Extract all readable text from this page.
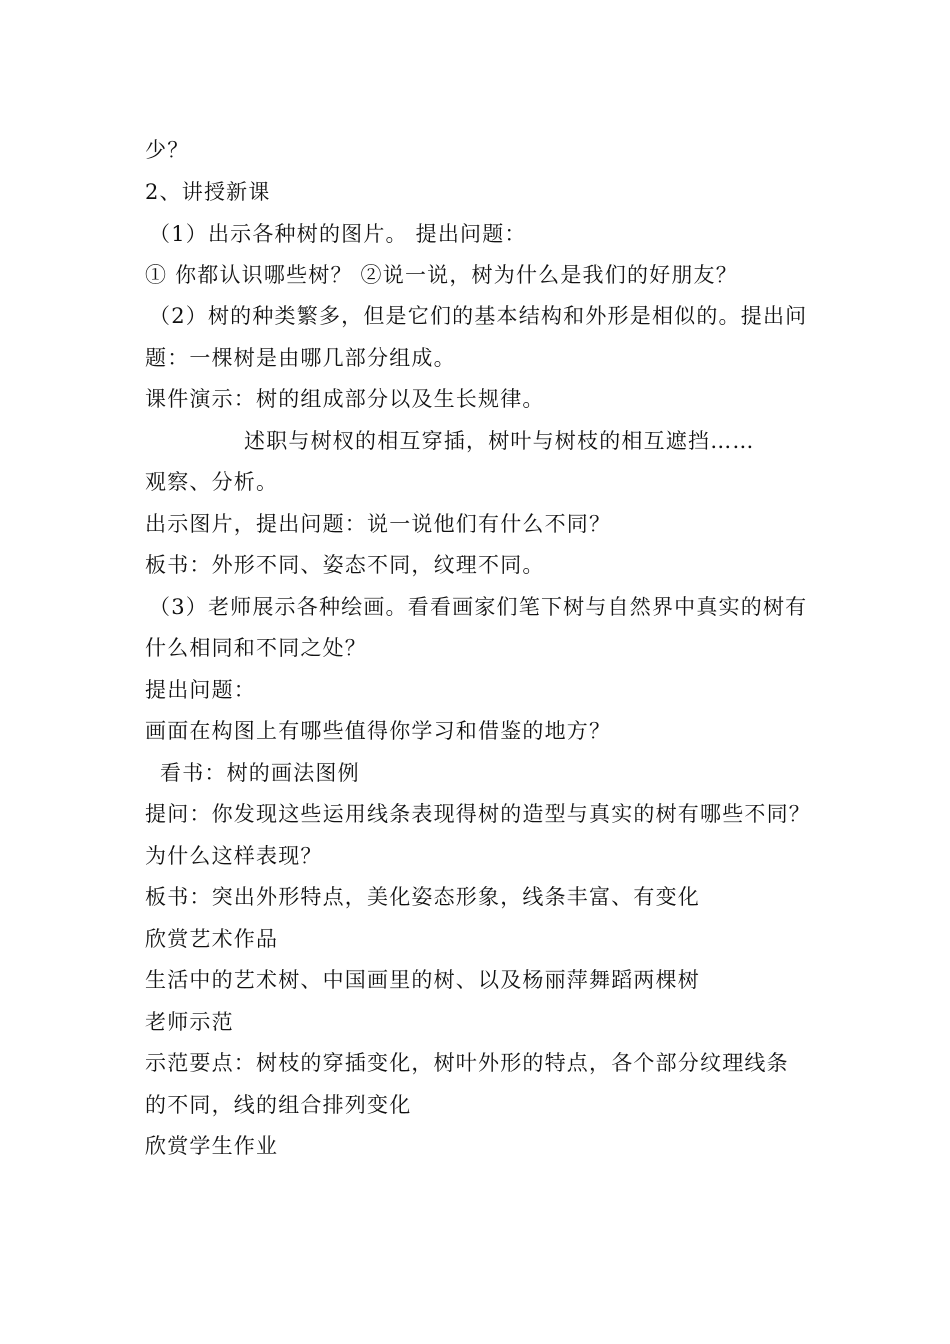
少？
2、讲授新课
（1）出示各种树的图片。 提出问题：
① 你都认识哪些树？ ②说一说，树为什么是我们的好朋友？
（2）树的种类繁多，但是它们的基本结构和外形是相似的。提出问
题：一棵树是由哪几部分组成。
课件演示：树的组成部分以及生长规律。
述职与树杈的相互穿插，树叶与树枝的相互遮挡……
观察、分析。
出示图片，提出问题：说一说他们有什么不同？
板书：外形不同、姿态不同，纹理不同。
（3）老师展示各种绘画。看看画家们笔下树与自然界中真实的树有
什么相同和不同之处？
提出问题：
画面在构图上有哪些值得你学习和借鉴的地方？
看书：树的画法图例
提问：你发现这些运用线条表现得树的造型与真实的树有哪些不同？
为什么这样表现？
板书：突出外形特点，美化姿态形象，线条丰富、有变化
欣赏艺术作品
生活中的艺术树、中国画里的树、以及杨丽萍舞蹈两棵树
老师示范
示范要点：树枝的穿插变化，树叶外形的特点，各个部分纹理线条
的不同，线的组合排列变化
欣赏学生作业
